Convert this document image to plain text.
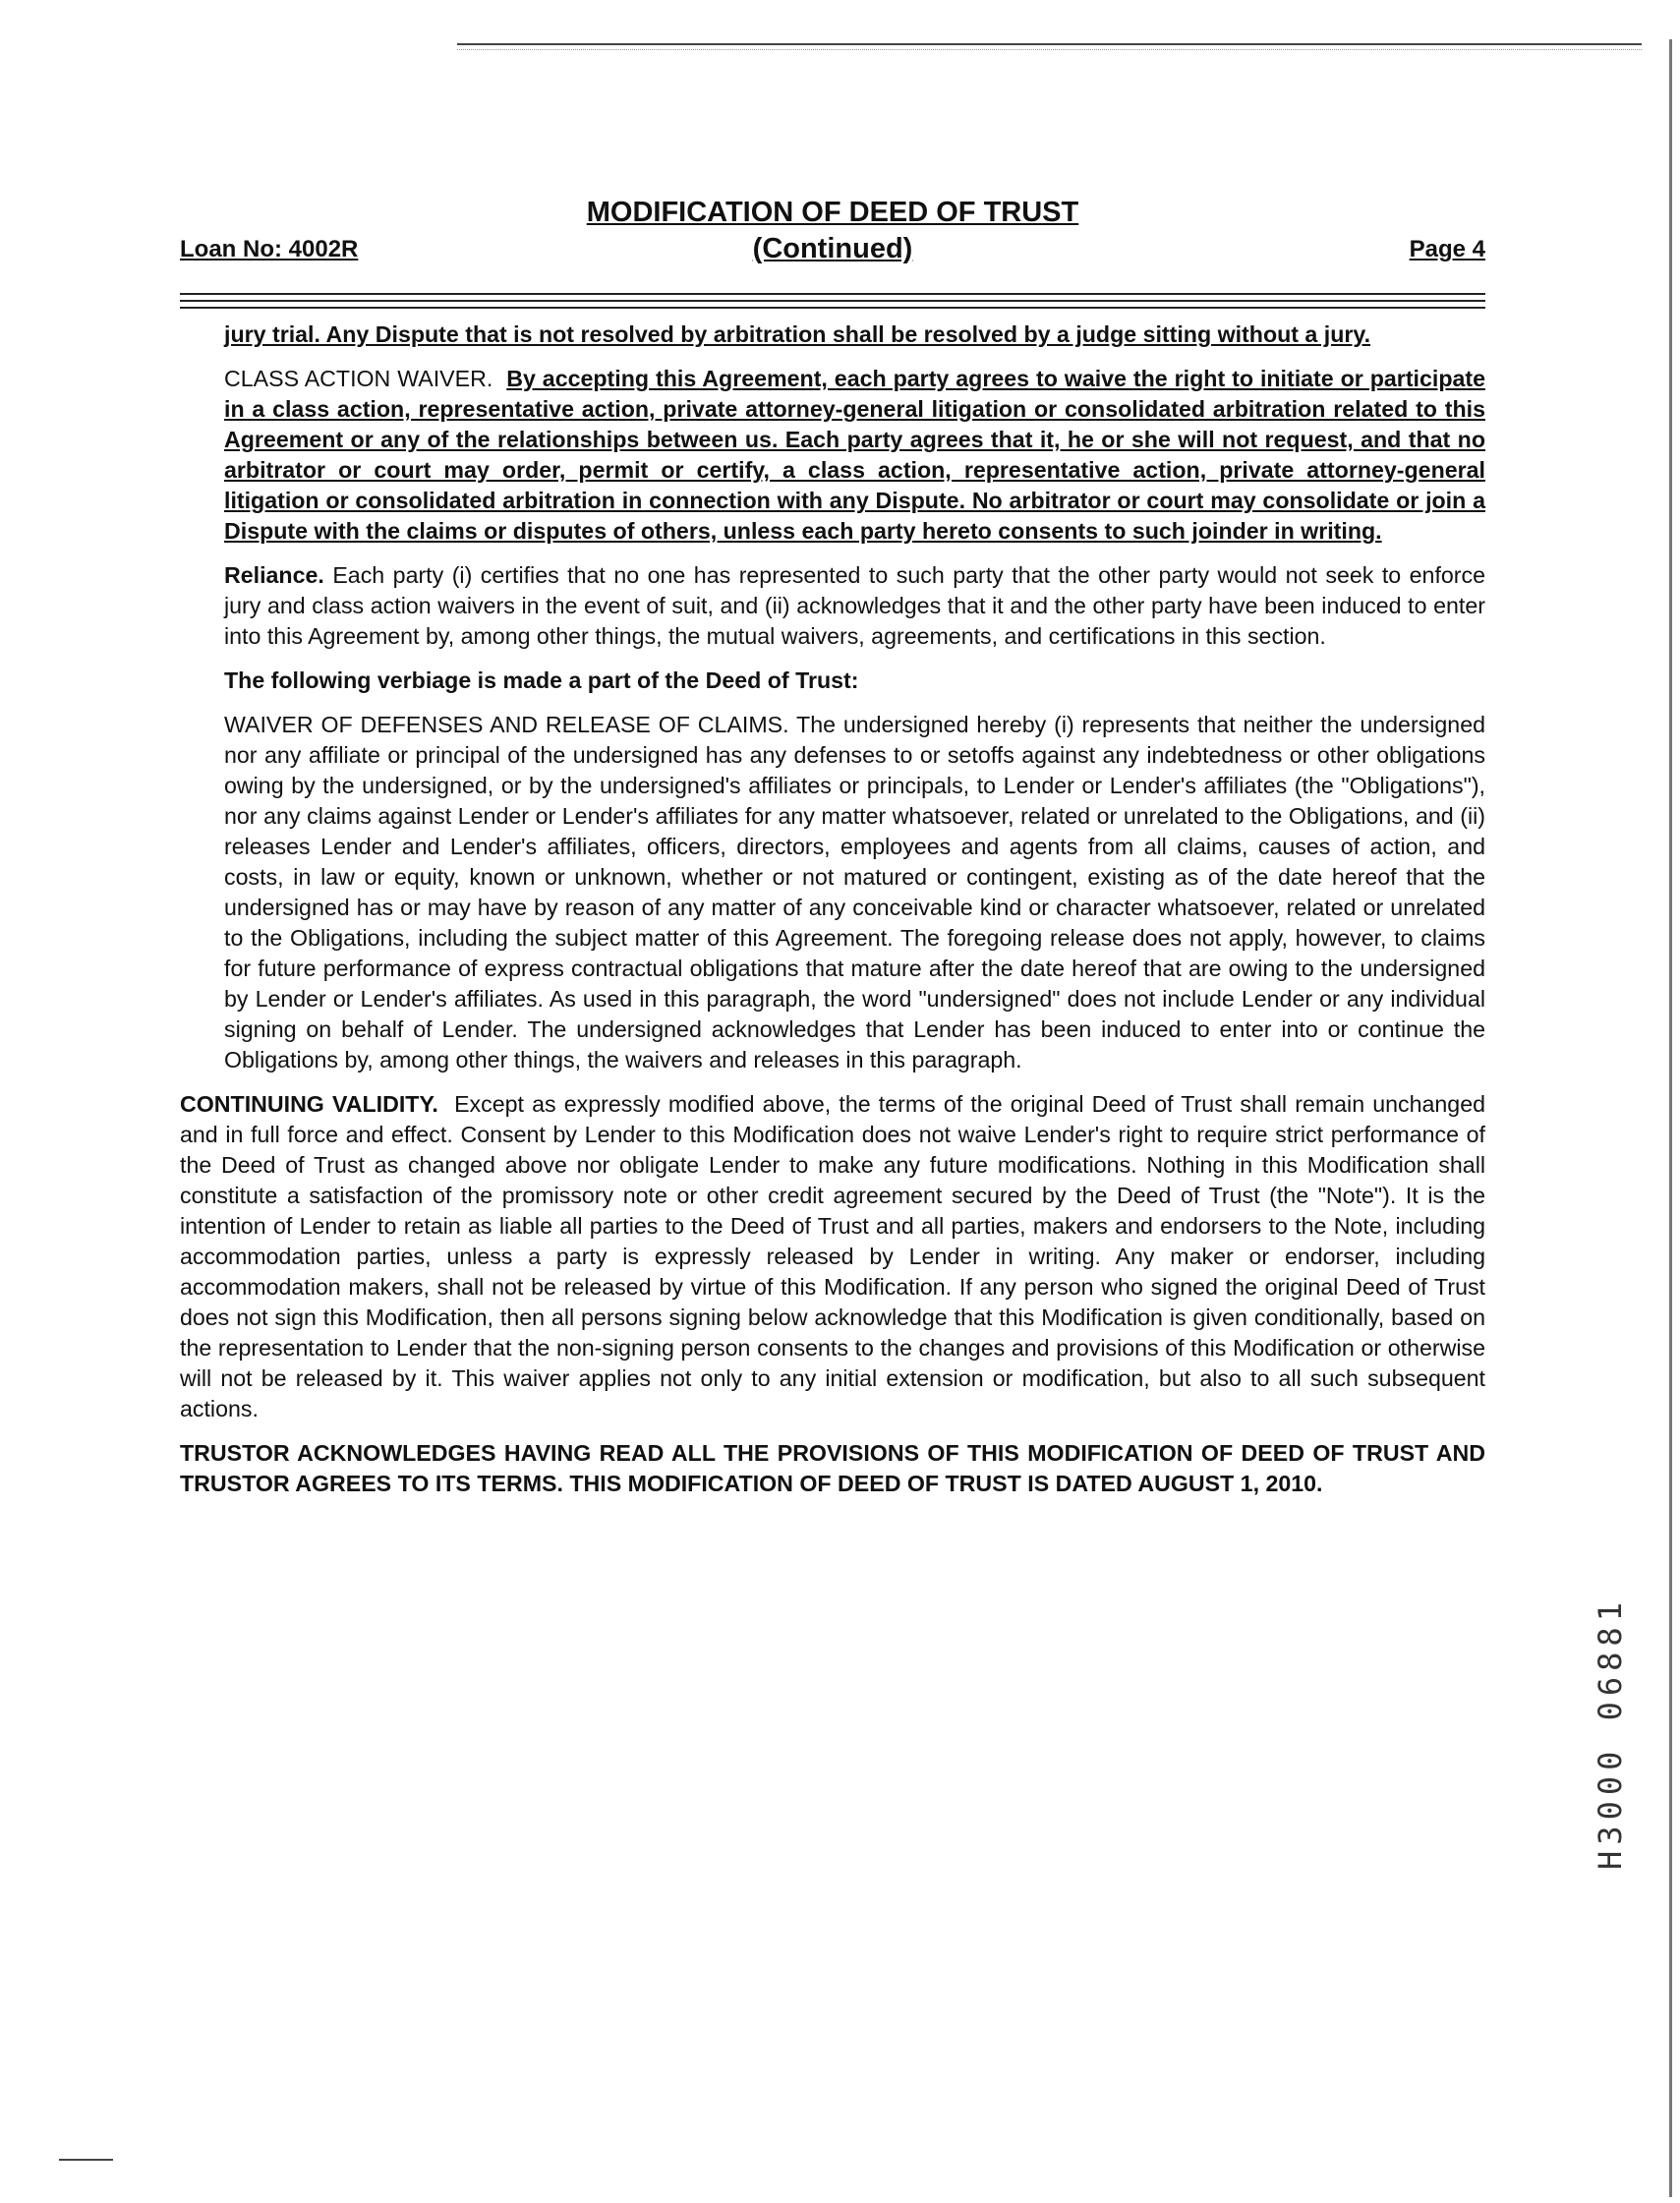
MODIFICATION OF DEED OF TRUST
(Continued)
Loan No: 4002R	Page 4

jury trial. Any Dispute that is not resolved by arbitration shall be resolved by a judge sitting without a jury.

CLASS ACTION WAIVER. By accepting this Agreement, each party agrees to waive the right to initiate or participate in a class action, representative action, private attorney-general litigation or consolidated arbitration related to this Agreement or any of the relationships between us. Each party agrees that it, he or she will not request, and that no arbitrator or court may order, permit or certify, a class action, representative action, private attorney-general litigation or consolidated arbitration in connection with any Dispute. No arbitrator or court may consolidate or join a Dispute with the claims or disputes of others, unless each party hereto consents to such joinder in writing.

Reliance. Each party (i) certifies that no one has represented to such party that the other party would not seek to enforce jury and class action waivers in the event of suit, and (ii) acknowledges that it and the other party have been induced to enter into this Agreement by, among other things, the mutual waivers, agreements, and certifications in this section.

The following verbiage is made a part of the Deed of Trust:

WAIVER OF DEFENSES AND RELEASE OF CLAIMS. The undersigned hereby (i) represents that neither the undersigned nor any affiliate or principal of the undersigned has any defenses to or setoffs against any indebtedness or other obligations owing by the undersigned, or by the undersigned's affiliates or principals, to Lender or Lender's affiliates (the "Obligations"), nor any claims against Lender or Lender's affiliates for any matter whatsoever, related or unrelated to the Obligations, and (ii) releases Lender and Lender's affiliates, officers, directors, employees and agents from all claims, causes of action, and costs, in law or equity, known or unknown, whether or not matured or contingent, existing as of the date hereof that the undersigned has or may have by reason of any matter of any conceivable kind or character whatsoever, related or unrelated to the Obligations, including the subject matter of this Agreement. The foregoing release does not apply, however, to claims for future performance of express contractual obligations that mature after the date hereof that are owing to the undersigned by Lender or Lender's affiliates. As used in this paragraph, the word "undersigned" does not include Lender or any individual signing on behalf of Lender. The undersigned acknowledges that Lender has been induced to enter into or continue the Obligations by, among other things, the waivers and releases in this paragraph.

CONTINUING VALIDITY. Except as expressly modified above, the terms of the original Deed of Trust shall remain unchanged and in full force and effect. Consent by Lender to this Modification does not waive Lender's right to require strict performance of the Deed of Trust as changed above nor obligate Lender to make any future modifications. Nothing in this Modification shall constitute a satisfaction of the promissory note or other credit agreement secured by the Deed of Trust (the "Note"). It is the intention of Lender to retain as liable all parties to the Deed of Trust and all parties, makers and endorsers to the Note, including accommodation parties, unless a party is expressly released by Lender in writing. Any maker or endorser, including accommodation makers, shall not be released by virtue of this Modification. If any person who signed the original Deed of Trust does not sign this Modification, then all persons signing below acknowledge that this Modification is given conditionally, based on the representation to Lender that the non-signing person consents to the changes and provisions of this Modification or otherwise will not be released by it. This waiver applies not only to any initial extension or modification, but also to all such subsequent actions.

TRUSTOR ACKNOWLEDGES HAVING READ ALL THE PROVISIONS OF THIS MODIFICATION OF DEED OF TRUST AND TRUSTOR AGREES TO ITS TERMS. THIS MODIFICATION OF DEED OF TRUST IS DATED AUGUST 1, 2010.

H3000 06881
